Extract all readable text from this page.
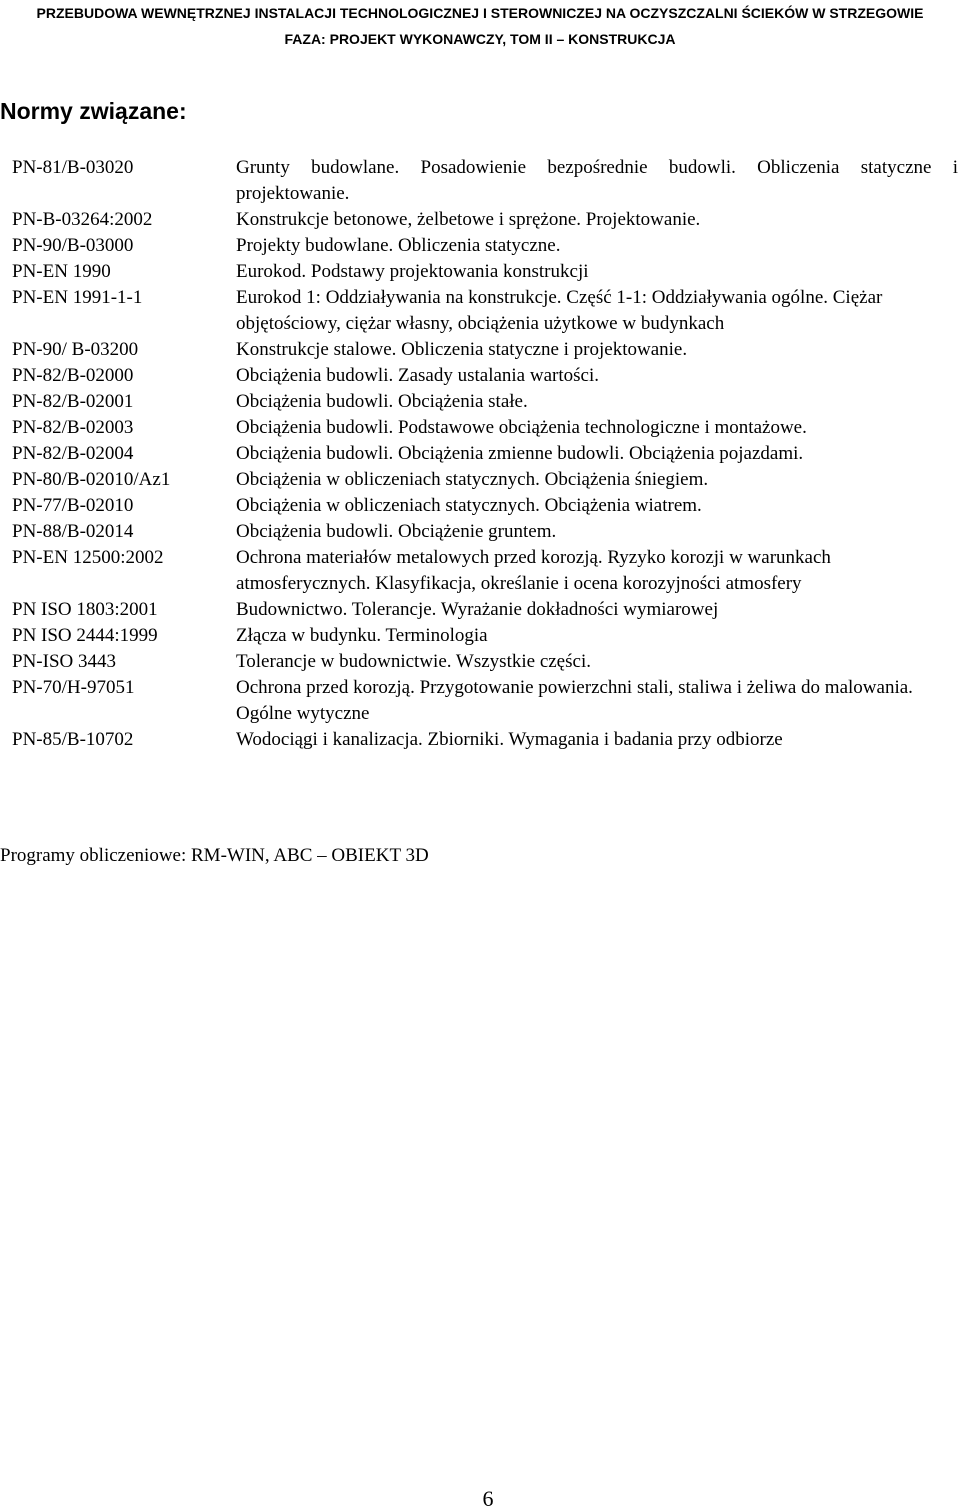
PRZEBUDOWA WEWNĘTRZNEJ INSTALACJI TECHNOLOGICZNEJ I STEROWNICZEJ NA OCZYSZCZALNI ŚCIEKÓW W STRZEGOWIE
FAZA: PROJEKT WYKONAWCZY, TOM II – KONSTRUKCJA
Normy związane:
PN-81/B-03020	Grunty budowlane. Posadowienie bezpośrednie budowli. Obliczenia statyczne i projektowanie.
PN-B-03264:2002	Konstrukcje betonowe, żelbetowe i sprężone. Projektowanie.
PN-90/B-03000	Projekty budowlane. Obliczenia statyczne.
PN-EN 1990	Eurokod. Podstawy projektowania konstrukcji
PN-EN 1991-1-1	Eurokod 1: Oddziaływania na konstrukcje. Część 1-1: Oddziaływania ogólne. Ciężar objętościowy, ciężar własny, obciążenia użytkowe w budynkach
PN-90/ B-03200	Konstrukcje stalowe. Obliczenia statyczne i projektowanie.
PN-82/B-02000	Obciążenia budowli. Zasady ustalania wartości.
PN-82/B-02001	Obciążenia budowli. Obciążenia stałe.
PN-82/B-02003	Obciążenia budowli. Podstawowe obciążenia technologiczne i montażowe.
PN-82/B-02004	Obciążenia budowli. Obciążenia zmienne budowli. Obciążenia pojazdami.
PN-80/B-02010/Az1	Obciążenia w obliczeniach statycznych. Obciążenia śniegiem.
PN-77/B-02010	Obciążenia w obliczeniach statycznych. Obciążenia wiatrem.
PN-88/B-02014	Obciążenia budowli. Obciążenie gruntem.
PN-EN 12500:2002	Ochrona materiałów metalowych przed korozją. Ryzyko korozji w warunkach atmosferycznych. Klasyfikacja, określanie i ocena korozyjności atmosfery
PN ISO 1803:2001	Budownictwo. Tolerancje. Wyrażanie dokładności wymiarowej
PN ISO 2444:1999	Złącza w budynku. Terminologia
PN-ISO 3443	Tolerancje w budownictwie. Wszystkie części.
PN-70/H-97051	Ochrona przed korozją. Przygotowanie powierzchni stali, staliwa i żeliwa do malowania. Ogólne wytyczne
PN-85/B-10702	Wodociągi i kanalizacja. Zbiorniki. Wymagania i badania przy odbiorze
Programy obliczeniowe: RM-WIN, ABC – OBIEKT 3D
6
